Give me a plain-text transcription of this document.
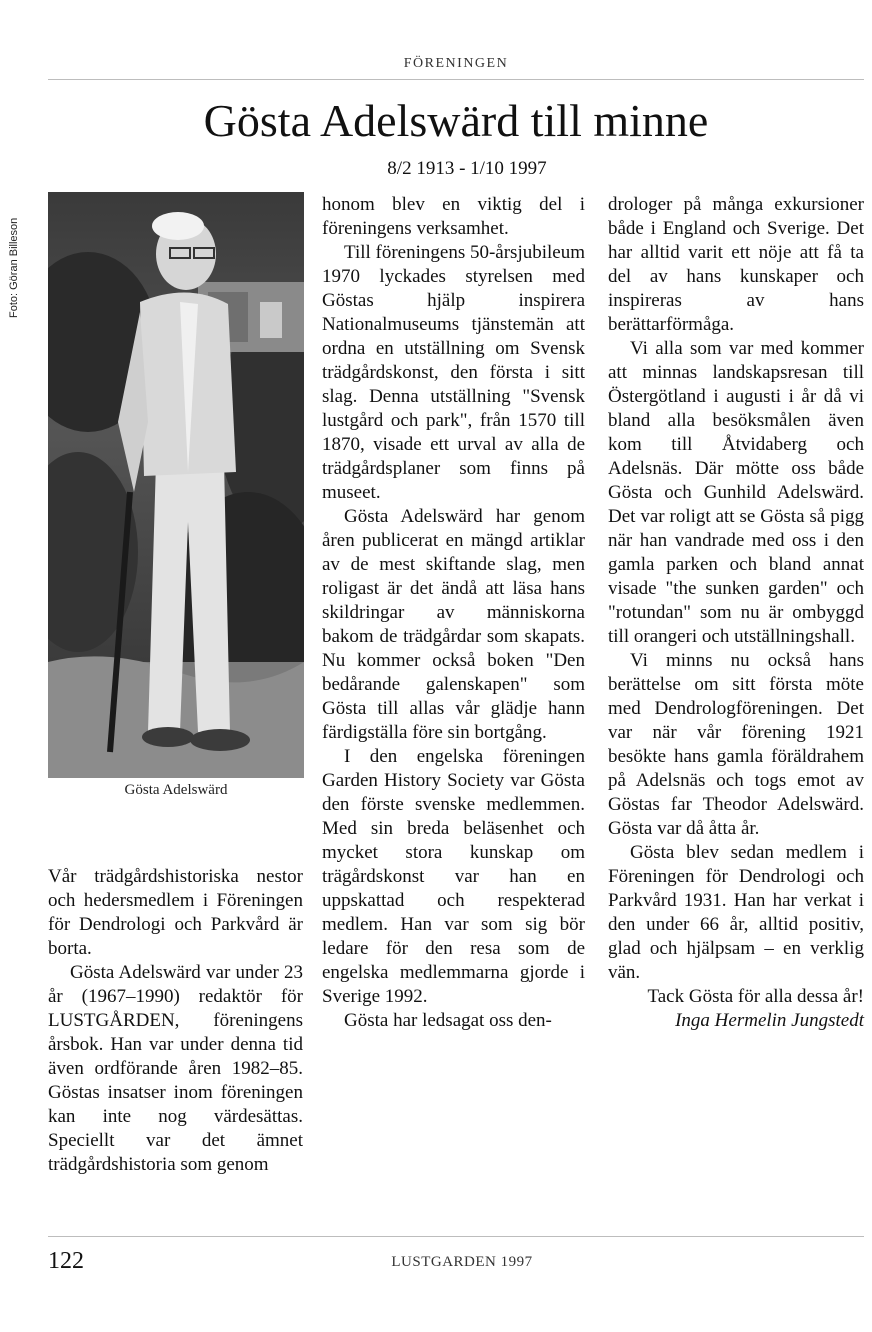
FÖRENINGEN
Gösta Adelswärd till minne
8/2 1913 - 1/10 1997
Foto: Göran Billeson
Gösta Adelswärd

Vår trädgårdshistoriska nestor och hedersmedlem i Föreningen för Dendrologi och Parkvård är borta.

Gösta Adelswärd var under 23 år (1967–1990) redaktör för LUSTGÅRDEN, föreningens årsbok. Han var under denna tid även ordförande åren 1982–85. Göstas insatser inom föreningen kan inte nog värdesättas. Speciellt var det ämnet trädgårdshistoria som genom

honom blev en viktig del i föreningens verksamhet.

Till föreningens 50-årsjubileum 1970 lyckades styrelsen med Göstas hjälp inspirera Nationalmuseums tjänstemän att ordna en utställning om Svensk trädgårdskonst, den första i sitt slag. Denna utställning "Svensk lustgård och park", från 1570 till 1870, visade ett urval av alla de trädgårdsplaner som finns på museet.

Gösta Adelswärd har genom åren publicerat en mängd artiklar av de mest skiftande slag, men roligast är det ändå att läsa hans skildringar av människorna bakom de trädgårdar som skapats. Nu kommer också boken "Den bedårande galenskapen" som Gösta till allas vår glädje hann färdigställa före sin bortgång.

I den engelska föreningen Garden History Society var Gösta den förste svenske medlemmen. Med sin breda beläsenhet och mycket stora kunskap om trägårdskonst var han en uppskattad och respekterad medlem. Han var som sig bör ledare för den resa som de engelska medlemmarna gjorde i Sverige 1992.

Gösta har ledsagat oss den-

drologer på många exkursioner både i England och Sverige. Det har alltid varit ett nöje att få ta del av hans kunskaper och inspireras av hans berättarförmåga.

Vi alla som var med kommer att minnas landskapsresan till Östergötland i augusti i år då vi bland alla besöksmålen även kom till Åtvidaberg och Adelsnäs. Där mötte oss både Gösta och Gunhild Adelswärd. Det var roligt att se Gösta så pigg när han vandrade med oss i den gamla parken och bland annat visade "the sunken garden" och "rotundan" som nu är ombyggd till orangeri och utställningshall.

Vi minns nu också hans berättelse om sitt första möte med Dendrologföreningen. Det var när vår förening 1921 besökte hans gamla föräldrahem på Adelsnäs och togs emot av Göstas far Theodor Adelswärd. Gösta var då åtta år.

Gösta blev sedan medlem i Föreningen för Dendrologi och Parkvård 1931. Han har verkat i den under 66 år, alltid positiv, glad och hjälpsam – en verklig vän.

Tack Gösta för alla dessa år!

Inga Hermelin Jungstedt

122	LUSTGARDEN 1997
